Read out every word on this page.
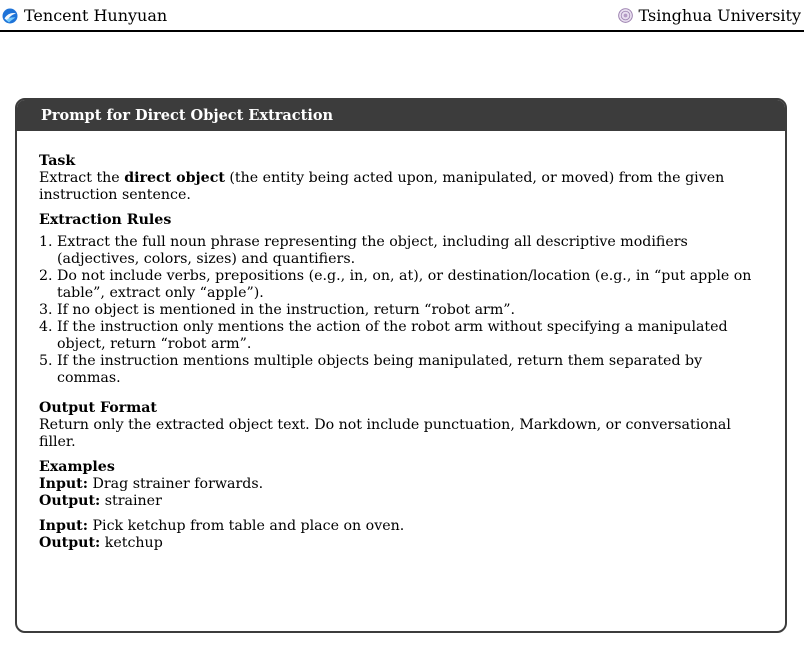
Tencent Hunyuan	Tsinghua University
Prompt for Direct Object Extraction
Task

Extract the direct object (the entity being acted upon, manipulated, or moved) from the given instruction sentence.

Extraction Rules
1. Extract the full noun phrase representing the object, including all descriptive modifiers (adjectives, colors, sizes) and quantifiers.
2. Do not include verbs, prepositions (e.g., in, on, at), or destination/location (e.g., in “put apple on table”, extract only “apple”).
3. If no object is mentioned in the instruction, return “robot arm”.
4. If the instruction only mentions the action of the robot arm without specifying a manipulated object, return “robot arm”.
5. If the instruction mentions multiple objects being manipulated, return them separated by commas.
Output Format

Return only the extracted object text. Do not include punctuation, Markdown, or conversational filler.

Examples
Input: Drag strainer forwards.
Output: strainer
Input: Pick ketchup from table and place on oven.
Output: ketchup
